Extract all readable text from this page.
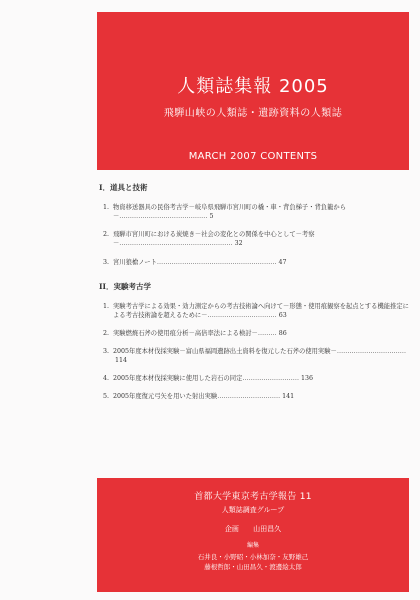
人類誌集報 2005
飛騨山峡の人類誌・遺跡資料の人類誌
MARCH 2007 CONTENTS
I．道具と技術
1. 物資移送器具の民俗考古学－岐阜県飛騨市宮川町の橇・車・背負梯子・背負籠から－…………………………………… 5
2. 飛騨市宮川町における炭焼き－社会の変化との関係を中心として－考察－……………………………………………… 32
3. 宮川狼槍ノート………………………………………………… 47
II．実験考古学
1. 実験考古学による効果・効力測定からの考古技術論へ向けて－形態・使用痕観察を起点とする機能推定による考古技術論を超えるために－…………………………… 63
2. 実験燃焼石斧の使用痕分析－高倍率法による検討－……… 86
3. 2005年度本材伐採実験－富山県福岡遺跡出土資料を復元した石斧の使用実験－……………………………114
4. 2005年度本材伐採実験に使用した岩石の同定……………………… 136
5. 2005年度復元弓矢を用いた射出実験………………………… 141
首都大学東京考古学報告 11
人類誌調査グループ
企画 山田昌久
編集
石井良・小野昭・小林加奈・友野雄己
藤根哲郎・山田昌久・渡邊絵太郎
